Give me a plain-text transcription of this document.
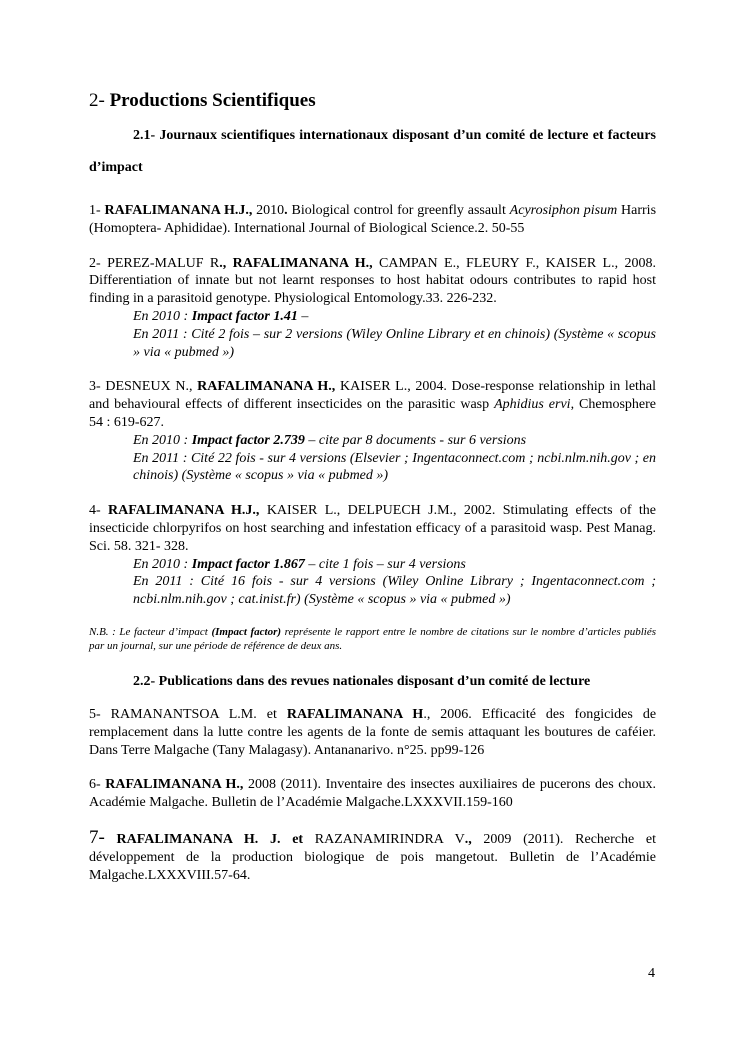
2- Productions Scientifiques

2.1- Journaux scientifiques internationaux disposant d’un comité de lecture et facteurs d’impact

1- RAFALIMANANA H.J., 2010. Biological control for greenfly assault Acyrosiphon pisum Harris (Homoptera- Aphididae). International Journal of Biological Science.2. 50-55

2- PEREZ-MALUF R., RAFALIMANANA H., CAMPAN E., FLEURY F., KAISER L., 2008. Differentiation of innate but not learnt responses to host habitat odours contributes to rapid host finding in a parasitoid genotype. Physiological Entomology.33. 226-232.

En 2010 : Impact factor 1.41 –
En 2011 : Cité 2 fois – sur 2 versions (Wiley Online Library et en chinois) (Système « scopus » via « pubmed »)

3- DESNEUX N., RAFALIMANANA H., KAISER L., 2004. Dose-response relationship in lethal and behavioural effects of different insecticides on the parasitic wasp Aphidius ervi, Chemosphere 54 : 619-627.

En 2010 : Impact factor 2.739 – cite par 8 documents - sur 6 versions
En 2011 : Cité 22 fois - sur 4 versions (Elsevier ; Ingentaconnect.com ; ncbi.nlm.nih.gov ; en chinois) (Système « scopus » via « pubmed »)

4- RAFALIMANANA H.J., KAISER L., DELPUECH J.M., 2002. Stimulating effects of the insecticide chlorpyrifos on host searching and infestation efficacy of a parasitoid wasp. Pest Manag. Sci. 58. 321- 328.

En 2010 : Impact factor 1.867 – cite 1 fois – sur 4 versions
En 2011 : Cité 16 fois - sur 4 versions (Wiley Online Library ; Ingentaconnect.com ; ncbi.nlm.nih.gov ; cat.inist.fr) (Système « scopus » via « pubmed »)

N.B. : Le facteur d’impact (Impact factor) représente le rapport entre le nombre de citations sur le nombre d’articles publiés par un journal, sur une période de référence de deux ans.

2.2- Publications dans des revues nationales disposant d’un comité de lecture

5- RAMANANTSOA L.M. et RAFALIMANANA H., 2006. Efficacité des fongicides de remplacement dans la lutte contre les agents de la fonte de semis attaquant les boutures de caféier. Dans Terre Malgache (Tany Malagasy). Antananarivo. n°25. pp99-126

6- RAFALIMANANA H., 2008 (2011). Inventaire des insectes auxiliaires de pucerons des choux. Académie Malgache. Bulletin de l’Académie Malgache.LXXXVII.159-160

7- RAFALIMANANA H. J. et RAZANAMIRINDRA V., 2009 (2011). Recherche et développement de la production biologique de pois mangetout. Bulletin de l’Académie Malgache.LXXXVIII.57-64.

4
